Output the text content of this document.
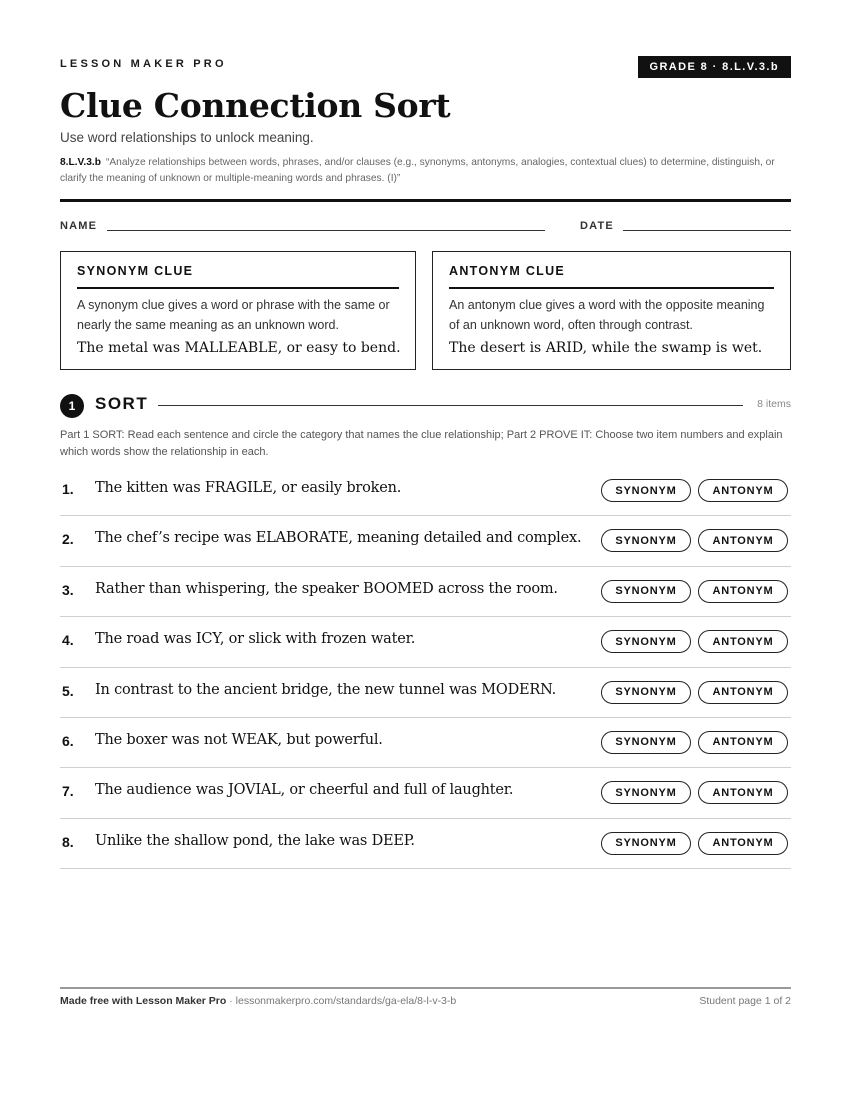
LESSON MAKER PRO	GRADE 8 · 8.L.V.3.b
Clue Connection Sort
Use word relationships to unlock meaning.
8.L.V.3.b “Analyze relationships between words, phrases, and/or clauses (e.g., synonyms, antonyms, analogies, contextual clues) to determine, distinguish, or clarify the meaning of unknown or multiple-meaning words and phrases. (I)”
NAME	DATE
SYNONYM CLUE
A synonym clue gives a word or phrase with the same or nearly the same meaning as an unknown word.
The metal was MALLEABLE, or easy to bend.
ANTONYM CLUE
An antonym clue gives a word with the opposite meaning of an unknown word, often through contrast.
The desert is ARID, while the swamp is wet.
1	SORT	8 items
Part 1 SORT: Read each sentence and circle the category that names the clue relationship; Part 2 PROVE IT: Choose two item numbers and explain which words show the relationship in each.
1. The kitten was FRAGILE, or easily broken.	SYNONYM	ANTONYM
2. The chef’s recipe was ELABORATE, meaning detailed and complex.	SYNONYM	ANTONYM
3. Rather than whispering, the speaker BOOMED across the room.	SYNONYM	ANTONYM
4. The road was ICY, or slick with frozen water.	SYNONYM	ANTONYM
5. In contrast to the ancient bridge, the new tunnel was MODERN.	SYNONYM	ANTONYM
6. The boxer was not WEAK, but powerful.	SYNONYM	ANTONYM
7. The audience was JOVIAL, or cheerful and full of laughter.	SYNONYM	ANTONYM
8. Unlike the shallow pond, the lake was DEEP.	SYNONYM	ANTONYM
Made free with Lesson Maker Pro · lessonmakerpro.com/standards/ga-ela/8-l-v-3-b	Student page 1 of 2
